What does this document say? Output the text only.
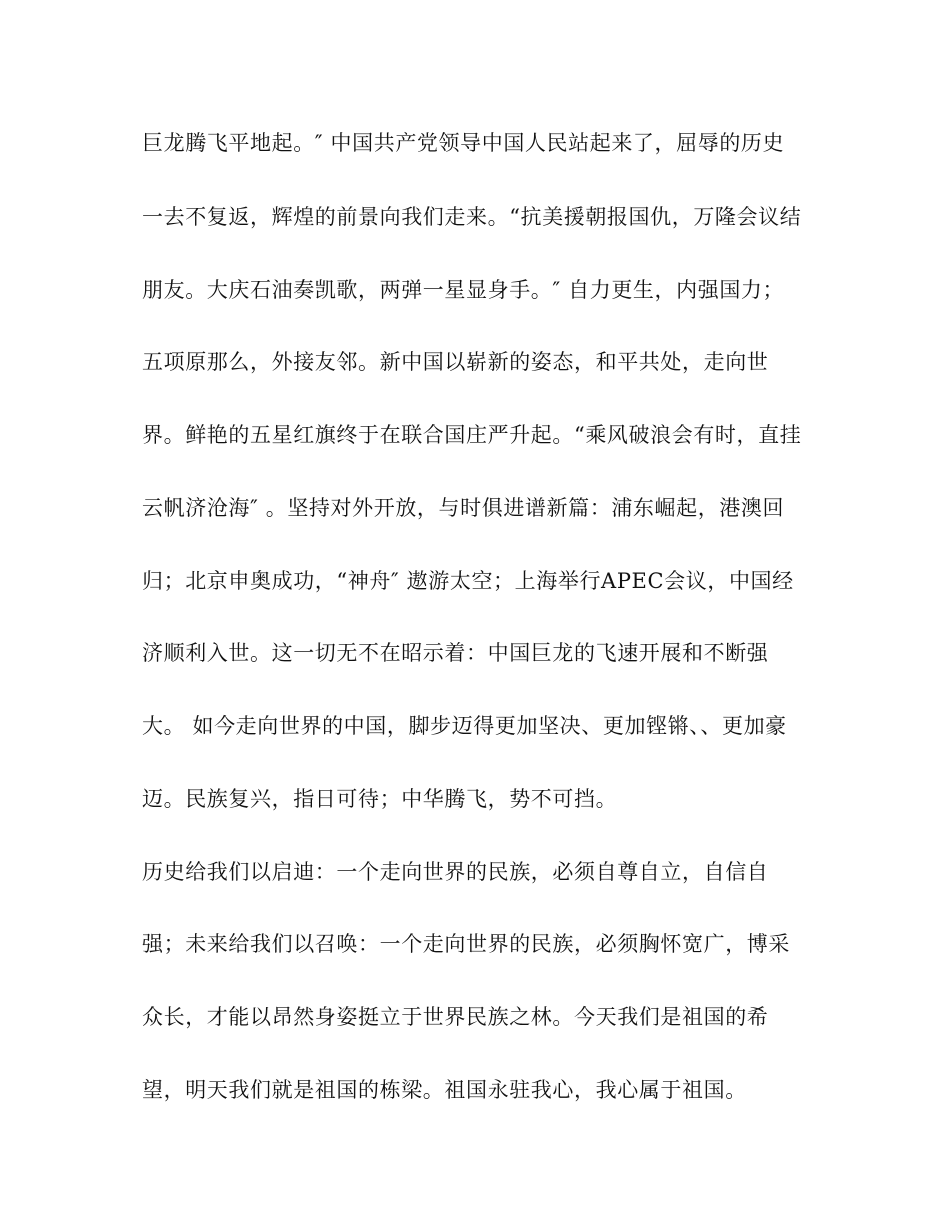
巨龙腾飞平地起。″ 中国共产党领导中国人民站起来了，屈辱的历史
一去不复返，辉煌的前景向我们走来。“抗美援朝报国仇，万隆会议结
朋友。大庆石油奏凯歌，两弹一星显身手。″ 自力更生，内强国力；
五项原那么，外接友邻。新中国以崭新的姿态，和平共处，走向世
界。鲜艳的五星红旗终于在联合国庄严升起。“乘风破浪会有时，直挂
云帆济沧海″ 。坚持对外开放，与时俱进谱新篇：浦东崛起，港澳回
归；北京申奥成功，“神舟″ 遨游太空；上海举行APEC会议，中国经
济顺利入世。这一切无不在昭示着：中国巨龙的飞速开展和不断强
大。 如今走向世界的中国，脚步迈得更加坚决、更加铿锵、、更加豪
迈。民族复兴，指日可待；中华腾飞，势不可挡。
历史给我们以启迪：一个走向世界的民族，必须自尊自立，自信自
强；未来给我们以召唤：一个走向世界的民族，必须胸怀宽广，博采
众长，才能以昂然身姿挺立于世界民族之林。今天我们是祖国的希
望，明天我们就是祖国的栋梁。祖国永驻我心，我心属于祖国。
